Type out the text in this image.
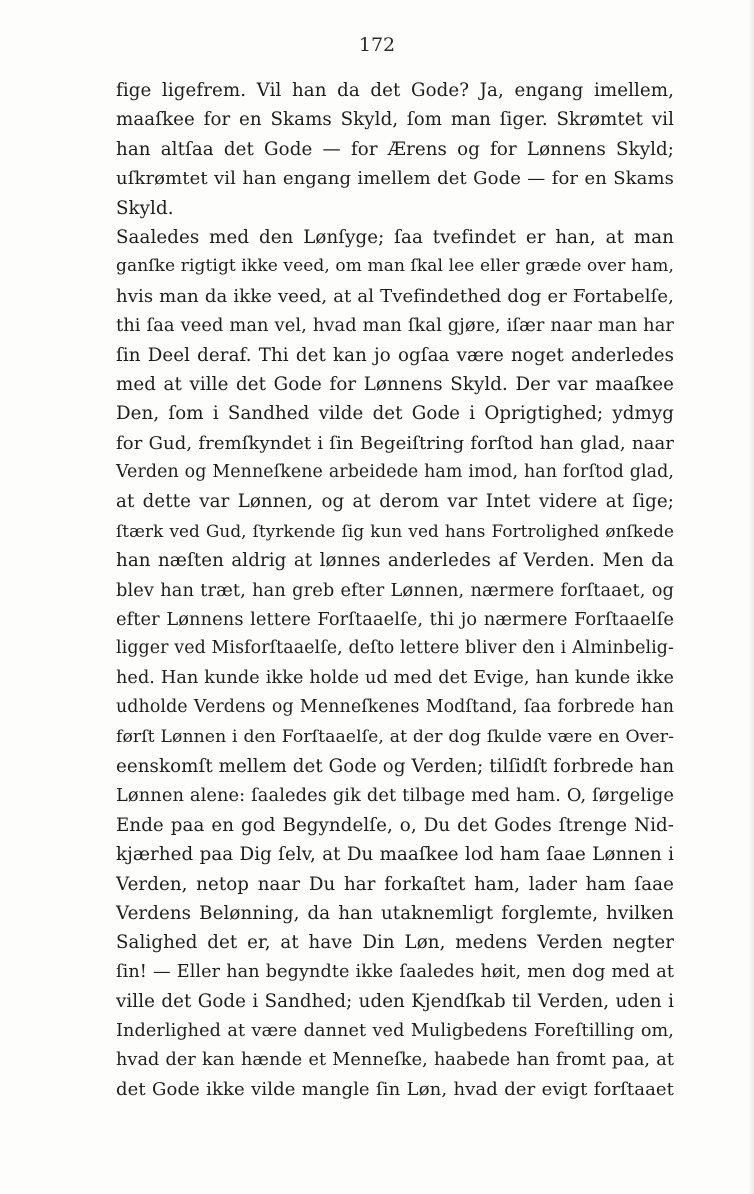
172
fige ligefrem. Vil han da det Gode? Ja, engang imellem,
maaſkee for en Skams Skyld, ſom man ſiger. Skrømtet vil
han altſaa det Gode — for Ærens og for Lønnens Skyld;
uſkrømtet vil han engang imellem det Gode — for en Skams
Skyld.
Saaledes med den Lønſyge; ſaa tvefindet er han, at man
ganſke rigtigt ikke veed, om man ſkal lee eller græde over ham,
hvis man da ikke veed, at al Tvefindethed dog er Fortabelſe,
thi ſaa veed man vel, hvad man ſkal gjøre, iſær naar man har
ſin Deel deraf. Thi det kan jo ogſaa være noget anderledes
med at ville det Gode for Lønnens Skyld. Der var maaſkee
Den, ſom i Sandhed vilde det Gode i Oprigtighed; ydmyg
for Gud, fremſkyndet i ſin Begeiſtring forſtod han glad, naar
Verden og Menneſkene arbeidede ham imod, han forſtod glad,
at dette var Lønnen, og at derom var Intet videre at ſige;
ſtærk ved Gud, ſtyrkende ſig kun ved hans Fortrolighed ønſkede
han næſten aldrig at lønnes anderledes af Verden. Men da
blev han træt, han greb efter Lønnen, nærmere forſtaaet, og
efter Lønnens lettere Forſtaaelſe, thi jo nærmere Forſtaaelſe
ligger ved Misforſtaaelſe, deſto lettere bliver den i Alminbelig-
hed. Han kunde ikke holde ud med det Evige, han kunde ikke
udholde Verdens og Menneſkenes Modſtand, ſaa forbrede han
førſt Lønnen i den Forſtaaelſe, at der dog ſkulde være en Over-
eenskomſt mellem det Gode og Verden; tilſidſt forbrede han
Lønnen alene: ſaaledes gik det tilbage med ham. O, ſørgelige
Ende paa en god Begyndelſe, o, Du det Godes ſtrenge Nid-
kjærhed paa Dig ſelv, at Du maaſkee lod ham ſaae Lønnen i
Verden, netop naar Du har forkaſtet ham, lader ham ſaae
Verdens Belønning, da han utaknemligt forglemte, hvilken
Salighed det er, at have Din Løn, medens Verden negter
ſin! — Eller han begyndte ikke ſaaledes høit, men dog med at
ville det Gode i Sandhed; uden Kjendſkab til Verden, uden i
Inderlighed at være dannet ved Muligbedens Foreſtilling om,
hvad der kan hænde et Menneſke, haabede han fromt paa, at
det Gode ikke vilde mangle ſin Løn, hvad der evigt forſtaaet
